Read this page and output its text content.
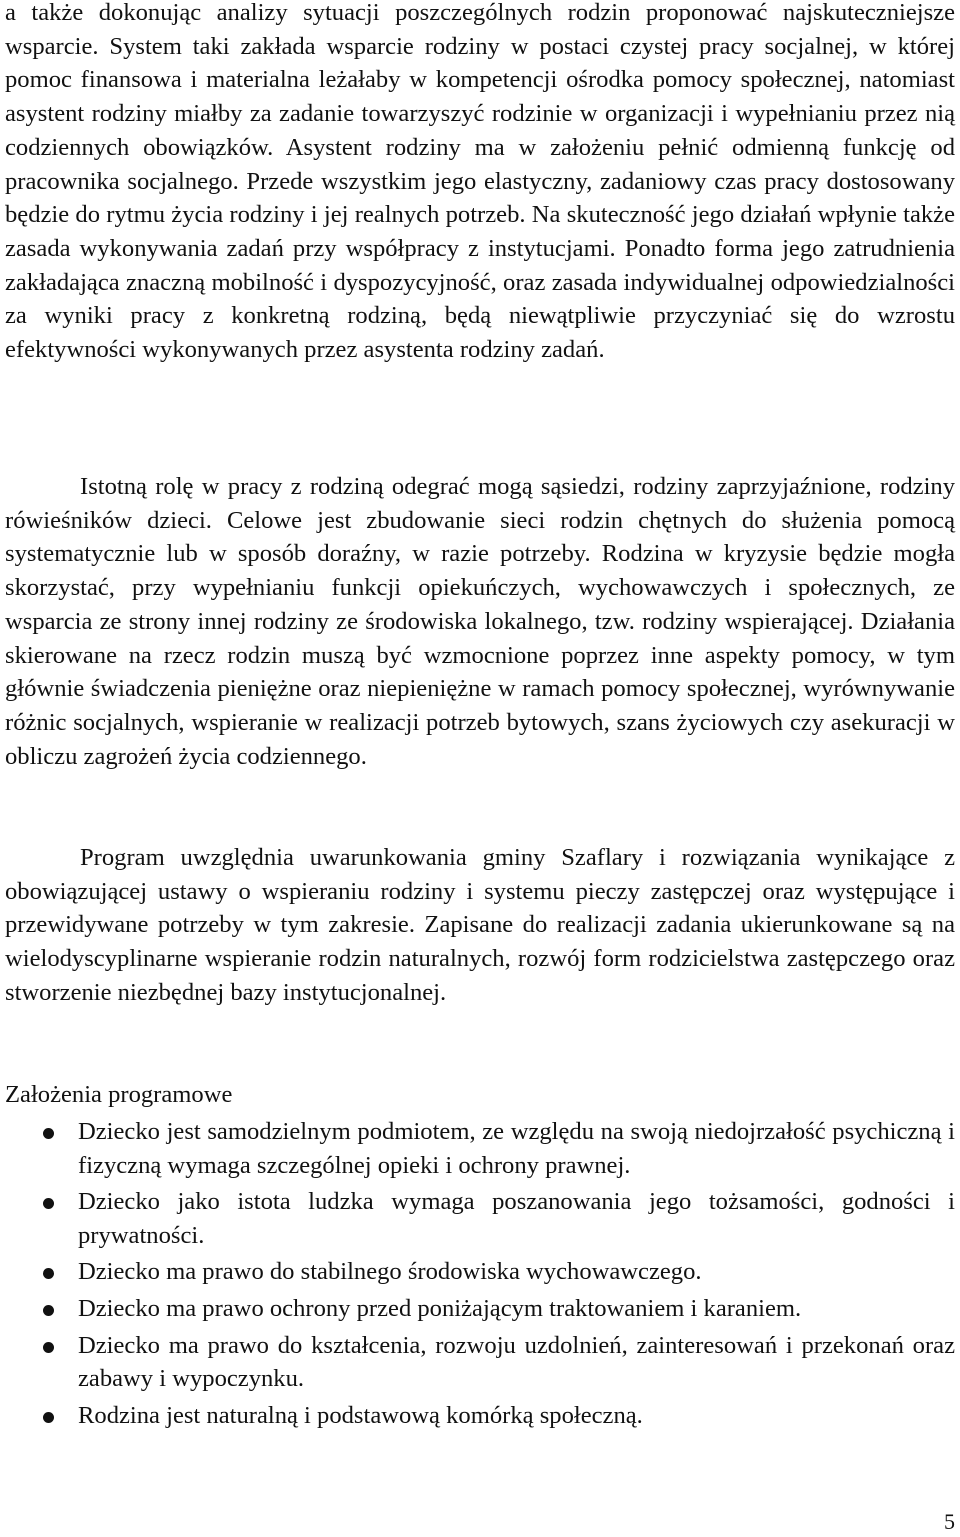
a także dokonując analizy sytuacji poszczególnych rodzin proponować najskuteczniejsze wsparcie. System taki zakłada wsparcie rodziny w postaci czystej pracy socjalnej, w której pomoc finansowa i materialna leżałaby w kompetencji ośrodka pomocy społecznej, natomiast asystent rodziny miałby za zadanie towarzyszyć rodzinie w organizacji i wypełnianiu przez nią codziennych obowiązków. Asystent rodziny ma w założeniu pełnić odmienną funkcję od pracownika socjalnego. Przede wszystkim jego elastyczny, zadaniowy czas pracy dostosowany będzie do rytmu życia rodziny i jej realnych potrzeb. Na skuteczność jego działań wpłynie także zasada wykonywania zadań przy współpracy z instytucjami. Ponadto forma jego zatrudnienia zakładająca znaczną mobilność i dyspozycyjność, oraz zasada indywidualnej odpowiedzialności za wyniki pracy z konkretną rodziną, będą niewątpliwie przyczyniać się do wzrostu efektywności wykonywanych przez asystenta rodziny zadań.

Istotną rolę w pracy z rodziną odegrać mogą sąsiedzi, rodziny zaprzyjaźnione, rodziny rówieśników dzieci. Celowe jest zbudowanie sieci rodzin chętnych do służenia pomocą systematycznie lub w sposób doraźny, w razie potrzeby. Rodzina w kryzysie będzie mogła skorzystać, przy wypełnianiu funkcji opiekuńczych, wychowawczych i społecznych, ze wsparcia ze strony innej rodziny ze środowiska lokalnego, tzw. rodziny wspierającej. Działania skierowane na rzecz rodzin muszą być wzmocnione poprzez inne aspekty pomocy, w tym głównie świadczenia pieniężne oraz niepieniężne w ramach pomocy społecznej, wyrównywanie różnic socjalnych, wspieranie w realizacji potrzeb bytowych, szans życiowych czy asekuracji w obliczu zagrożeń życia codziennego.

Program uwzględnia uwarunkowania gminy Szaflary i rozwiązania wynikające z obowiązującej ustawy o wspieraniu rodziny i systemu pieczy zastępczej oraz występujące i przewidywane potrzeby w tym zakresie. Zapisane do realizacji zadania ukierunkowane są na wielodyscyplinarne wspieranie rodzin naturalnych, rozwój form rodzicielstwa zastępczego oraz stworzenie niezbędnej bazy instytucjonalnej.

Założenia programowe
Dziecko jest samodzielnym podmiotem, ze względu na swoją niedojrzałość psychiczną i fizyczną wymaga szczególnej opieki i ochrony prawnej.
Dziecko jako istota ludzka wymaga poszanowania jego tożsamości, godności i prywatności.
Dziecko ma prawo do stabilnego środowiska wychowawczego.
Dziecko ma prawo ochrony przed poniżającym traktowaniem i karaniem.
Dziecko ma prawo do kształcenia, rozwoju uzdolnień, zainteresowań i przekonań oraz zabawy i wypoczynku.
Rodzina jest naturalną i podstawową komórką społeczną.
5
